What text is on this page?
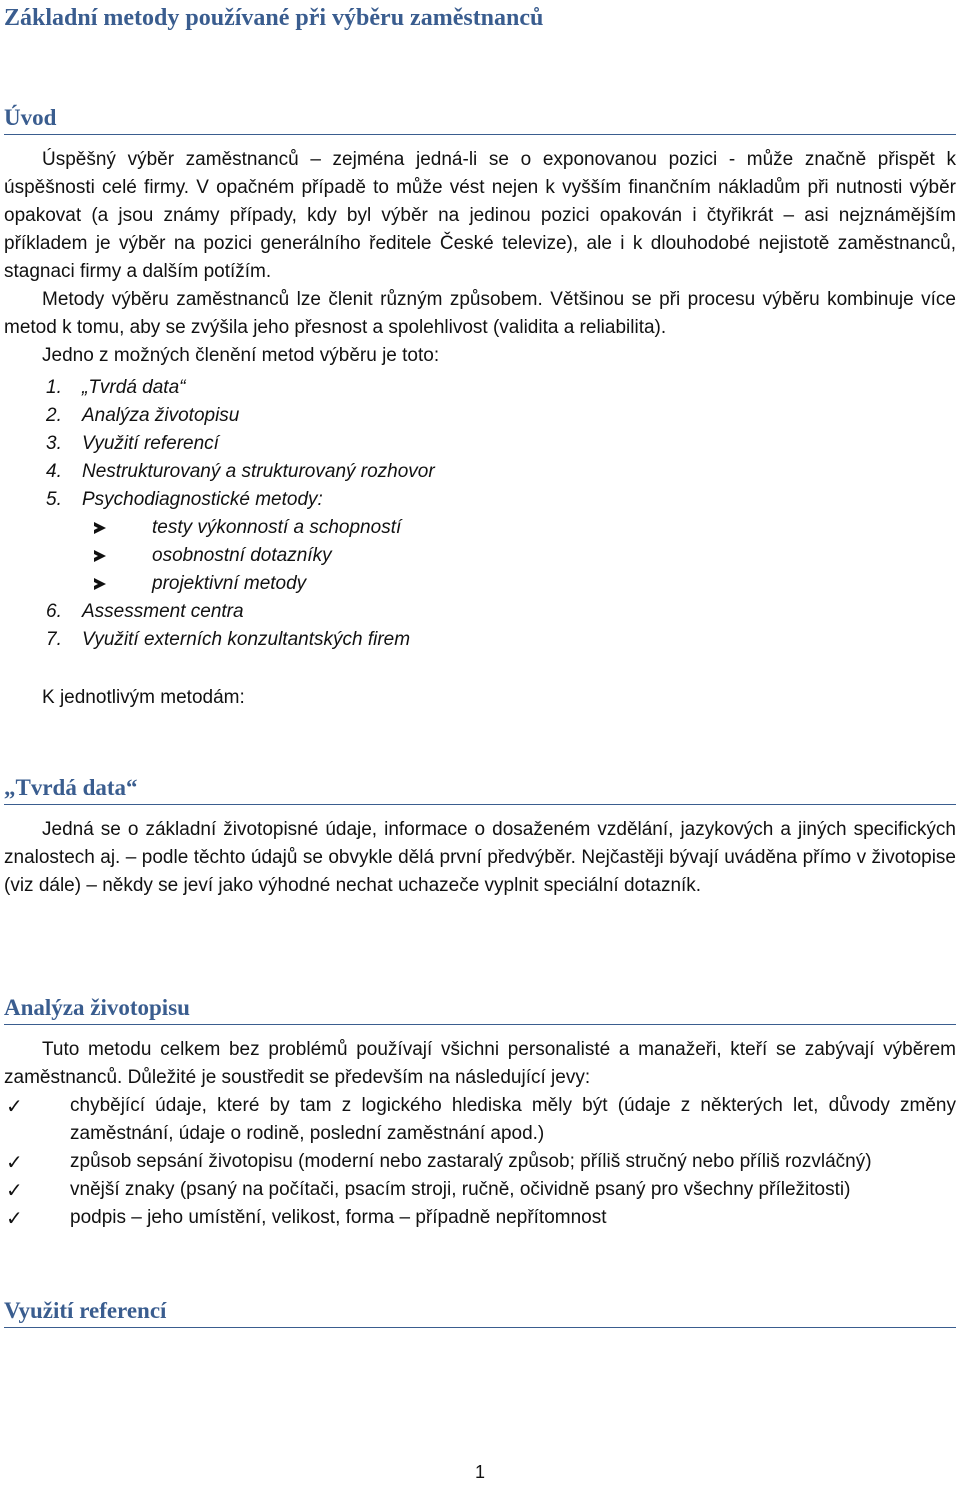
Základní metody používané při výběru zaměstnanců
Úvod

Úspěšný výběr zaměstnanců – zejména jedná-li se o exponovanou pozici - může značně přispět k úspěšnosti celé firmy. V opačném případě to může vést nejen k vyšším finančním nákladům při nutnosti výběr opakovat (a jsou známy případy, kdy byl výběr na jedinou pozici opakován i čtyřikrát – asi nejznámějším příkladem je výběr na pozici generálního ředitele České televize), ale i k dlouhodobé nejistotě zaměstnanců, stagnaci firmy a dalším potížím.

Metody výběru zaměstnanců lze členit různým způsobem. Většinou se při procesu výběru kombinuje více metod k tomu, aby se zvýšila jeho přesnost a spolehlivost (validita a reliabilita).

Jedno z možných členění metod výběru je toto:

1. „Tvrdá data“
2. Analýza životopisu
3. Využití referencí
4. Nestrukturovaný a strukturovaný rozhovor
5. Psychodiagnostické metody:
testy výkonností a schopností
osobnostní dotazníky
projektivní metody
6. Assessment centra
7. Využití externích konzultantských firem

K jednotlivým metodám:

„Tvrdá data“

Jedná se o základní životopisné údaje, informace o dosaženém vzdělání, jazykových a jiných specifických znalostech aj. – podle těchto údajů se obvykle dělá první předvýběr. Nejčastěji bývají uváděna přímo v životopise (viz dále) – někdy se jeví jako výhodné nechat uchazeče vyplnit speciální dotazník.

Analýza životopisu

Tuto metodu celkem bez problémů používají všichni personalisté a manažeři, kteří se zabývají výběrem zaměstnanců. Důležité je soustředit se především na následující jevy:

✓ chybějící údaje, které by tam z logického hlediska měly být (údaje z některých let, důvody změny zaměstnání, údaje o rodině, poslední zaměstnání apod.)
✓ způsob sepsání životopisu (moderní nebo zastaralý způsob; příliš stručný nebo příliš rozvláčný)
✓ vnější znaky (psaný na počítači, psacím stroji, ručně, očividně psaný pro všechny příležitosti)
✓ podpis – jeho umístění, velikost, forma – případně nepřítomnost
Využití referencí
1
